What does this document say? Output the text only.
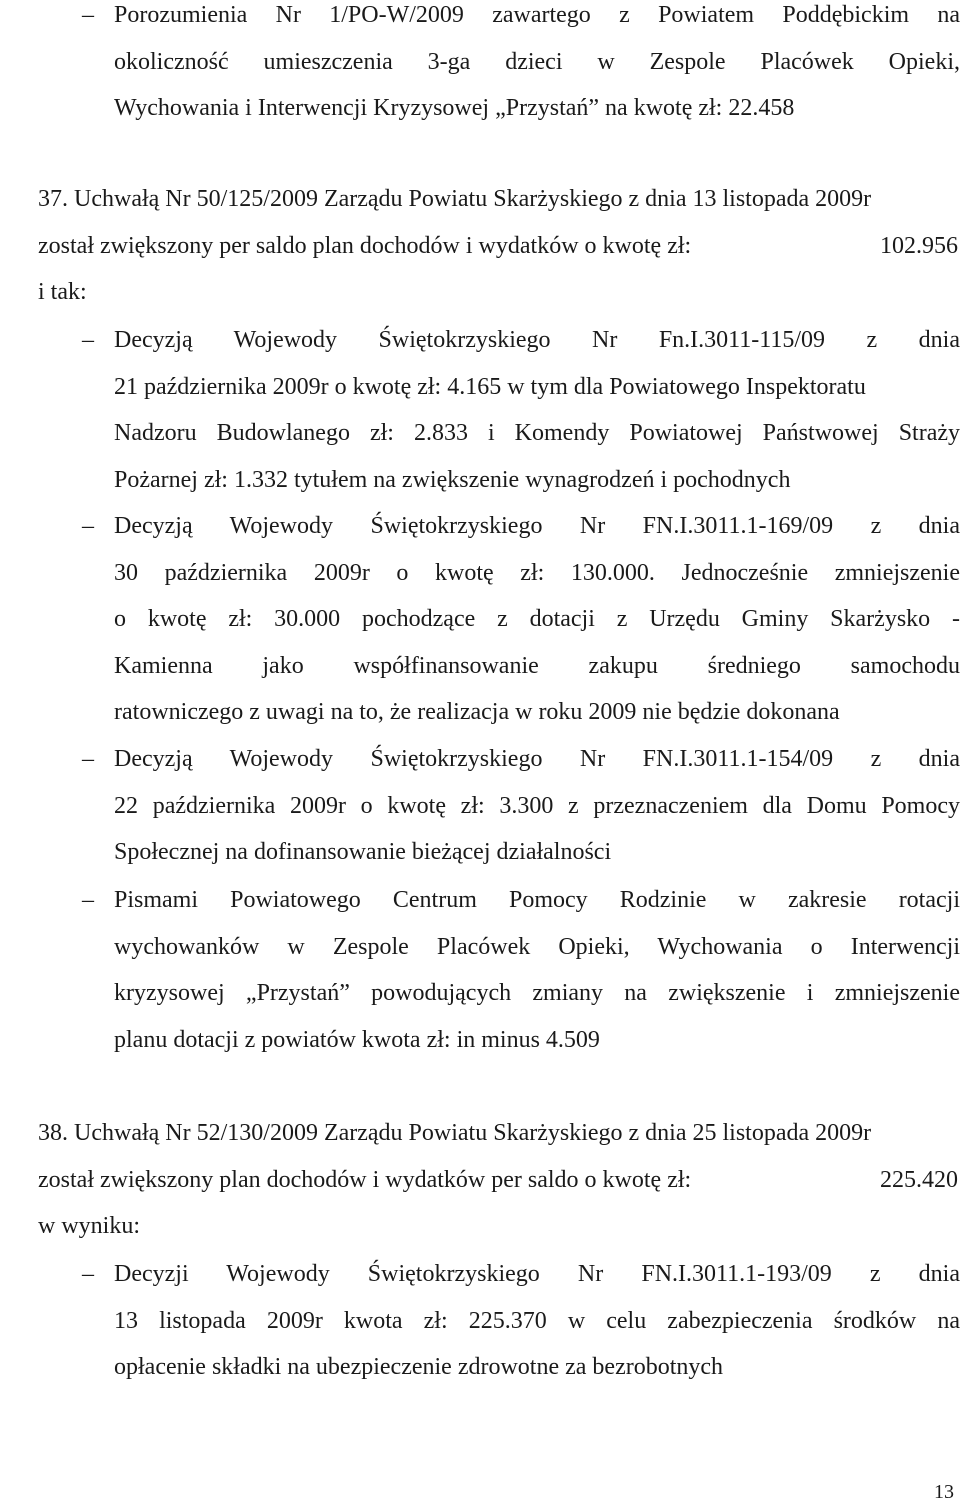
– Porozumienia Nr 1/PO-W/2009 zawartego z Powiatem Poddębickim na
okoliczność umieszczenia 3-ga dzieci w Zespole Placówek Opieki,
Wychowania i Interwencji Kryzysowej „Przystań” na kwotę zł: 22.458
37. Uchwałą Nr 50/125/2009 Zarządu Powiatu Skarżyskiego z dnia 13 listopada 2009r
został zwiększony per saldo plan dochodów i wydatków o kwotę zł:	102.956
i tak:
– Decyzją Wojewody Świętokrzyskiego Nr Fn.I.3011-115/09 z dnia
21 października 2009r o kwotę zł: 4.165 w tym dla Powiatowego Inspektoratu
Nadzoru Budowlanego zł: 2.833 i Komendy Powiatowej Państwowej Straży
Pożarnej zł: 1.332 tytułem na zwiększenie wynagrodzeń i pochodnych
– Decyzją Wojewody Świętokrzyskiego Nr FN.I.3011.1-169/09 z dnia
30 października 2009r o kwotę zł: 130.000. Jednocześnie zmniejszenie
o kwotę zł: 30.000 pochodzące z dotacji z Urzędu Gminy Skarżysko -
Kamienna jako współfinansowanie zakupu średniego samochodu
ratowniczego z uwagi na to, że realizacja w roku 2009 nie będzie dokonana
– Decyzją Wojewody Świętokrzyskiego Nr FN.I.3011.1-154/09 z dnia
22 października 2009r o kwotę zł: 3.300 z przeznaczeniem dla Domu Pomocy
Społecznej na dofinansowanie bieżącej działalności
– Pismami Powiatowego Centrum Pomocy Rodzinie w zakresie rotacji
wychowanków w Zespole Placówek Opieki, Wychowania o Interwencji
kryzysowej „Przystań” powodujących zmiany na zwiększenie i zmniejszenie
planu dotacji z powiatów kwota zł: in minus 4.509
38. Uchwałą Nr 52/130/2009 Zarządu Powiatu Skarżyskiego z dnia 25 listopada 2009r
został zwiększony plan dochodów i wydatków per saldo o kwotę zł:	225.420
w wyniku:
– Decyzji Wojewody Świętokrzyskiego Nr FN.I.3011.1-193/09 z dnia
13 listopada 2009r kwota zł: 225.370 w celu zabezpieczenia środków na
opłacenie składki na ubezpieczenie zdrowotne za bezrobotnych
13
